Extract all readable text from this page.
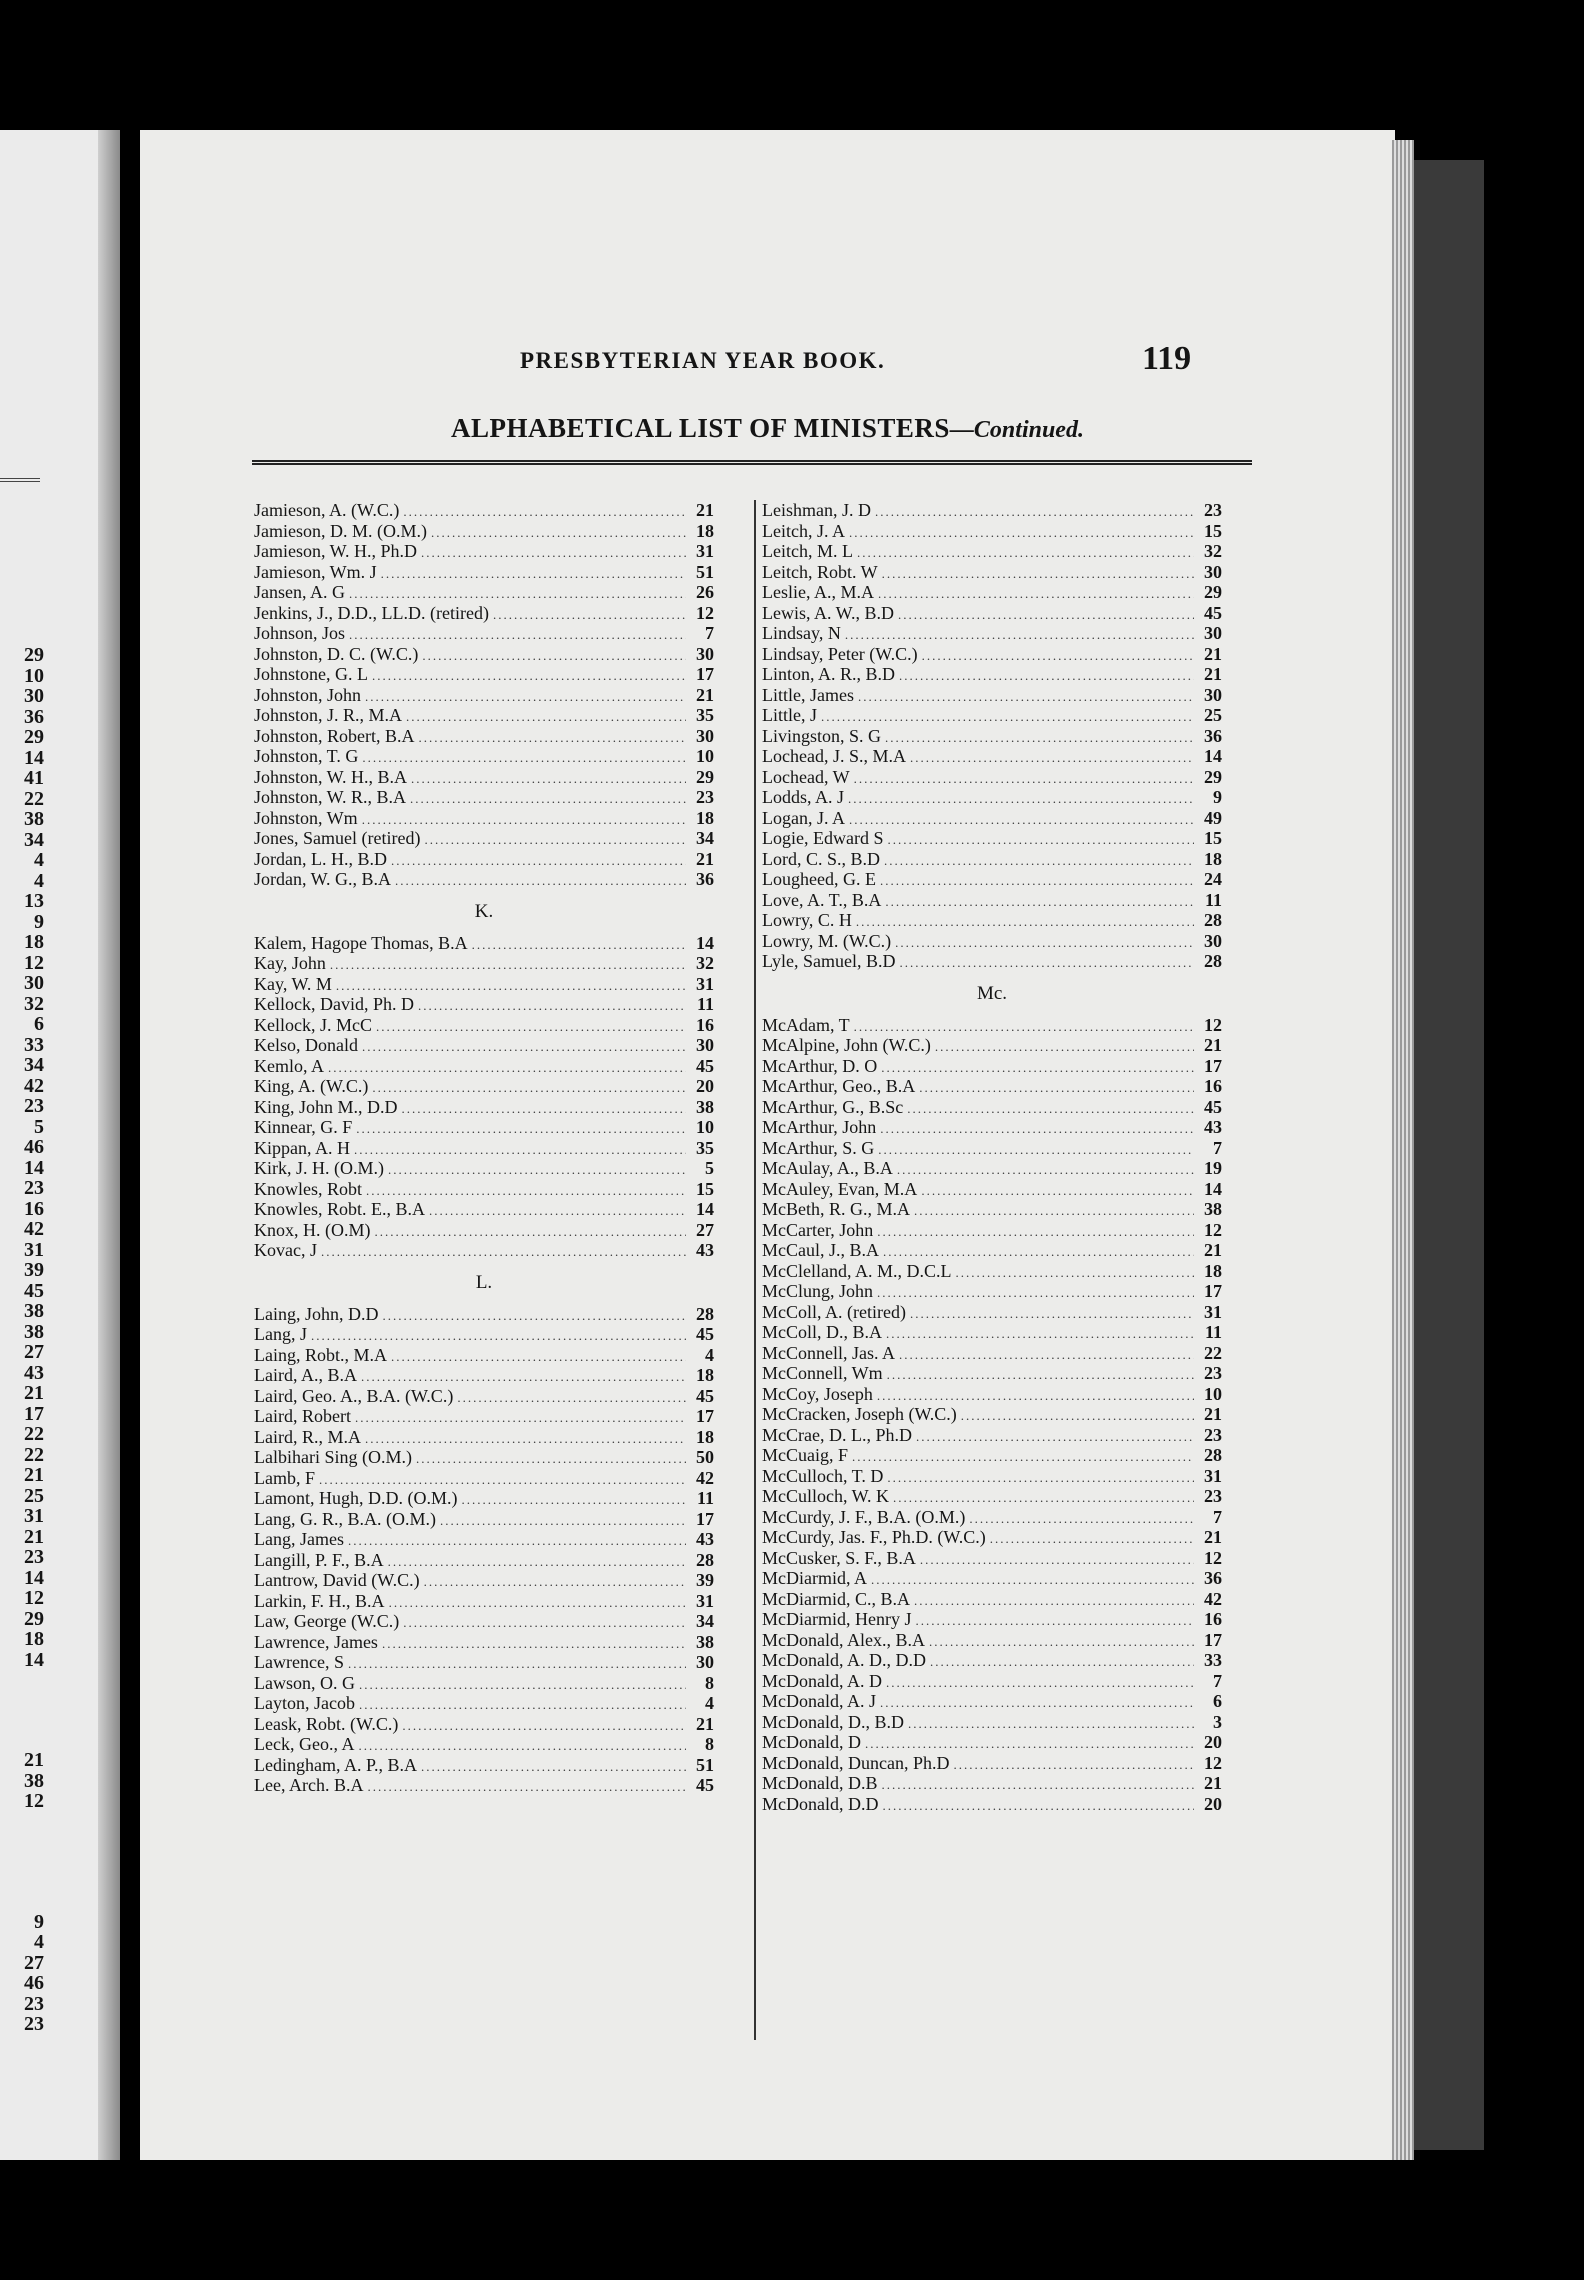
29
10
30
36
29
14
41
22
38
34
4
4
13
9
18
12
30
32
6
33
34
42
23
5
46
14
23
16
42
31
39
45
38
38
27
43
21
17
22
22
21
25
31
21
23
14
12
29
18
14
21
38
12
9
4
27
46
23
23
PRESBYTERIAN YEAR BOOK.	119
ALPHABETICAL LIST OF MINISTERS—Continued.
Jamieson, A. (W.C.) .....	21
Jamieson, D. M. (O.M.) .....	18
Jamieson, W. H., Ph.D .....	31
Jamieson, Wm. J .....	51
Jansen, A. G .....	26
Jenkins, J., D.D., LL.D. (retired) .....	12
Johnson, Jos .....	7
Johnston, D. C. (W.C.) .....	30
Johnstone, G. L .....	17
Johnston, John .....	21
Johnston, J. R., M.A .....	35
Johnston, Robert, B.A .....	30
Johnston, T. G .....	10
Johnston, W. H., B.A .....	29
Johnston, W. R., B.A .....	23
Johnston, Wm .....	18
Jones, Samuel (retired) .....	34
Jordan, L. H., B.D .....	21
Jordan, W. G., B.A .....	36
K.
Kalem, Hagope Thomas, B.A .....	14
Kay, John .....	32
Kay, W. M .....	31
Kellock, David, Ph. D .....	11
Kellock, J. McC .....	16
Kelso, Donald .....	30
Kemlo, A .....	45
King, A. (W.C.) .....	20
King, John M., D.D .....	38
Kinnear, G. F .....	10
Kippan, A. H .....	35
Kirk, J. H. (O.M.) .....	5
Knowles, Robt .....	15
Knowles, Robt. E., B.A .....	14
Knox, H. (O.M) .....	27
Kovac, J .....	43
L.
Laing, John, D.D .....	28
Lang, J .....	45
Laing, Robt., M.A .....	4
Laird, A., B.A .....	18
Laird, Geo. A., B.A. (W.C.) .....	45
Laird, Robert .....	17
Laird, R., M.A .....	18
Lalbihari Sing (O.M.) .....	50
Lamb, F .....	42
Lamont, Hugh, D.D. (O.M.) .....	11
Lang, G. R., B.A. (O.M.) .....	17
Lang, James .....	43
Langill, P. F., B.A .....	28
Lantrow, David (W.C.) .....	39
Larkin, F. H., B.A .....	31
Law, George (W.C.) .....	34
Lawrence, James .....	38
Lawrence, S .....	30
Lawson, O. G .....	8
Layton, Jacob .....	4
Leask, Robt. (W.C.) .....	21
Leck, Geo., A .....	8
Ledingham, A. P., B.A .....	51
Lee, Arch. B.A .....	45
Leishman, J. D .....	23
Leitch, J. A .....	15
Leitch, M. L .....	32
Leitch, Robt. W .....	30
Leslie, A., M.A .....	29
Lewis, A. W., B.D .....	45
Lindsay, N .....	30
Lindsay, Peter (W.C.) .....	21
Linton, A. R., B.D .....	21
Little, James .....	30
Little, J .....	25
Livingston, S. G .....	36
Lochead, J. S., M.A .....	14
Lochead, W .....	29
Lodds, A. J .....	9
Logan, J. A .....	49
Logie, Edward S .....	15
Lord, C. S., B.D .....	18
Lougheed, G. E .....	24
Love, A. T., B.A .....	11
Lowry, C. H .....	28
Lowry, M. (W.C.) .....	30
Lyle, Samuel, B.D .....	28
Mc.
McAdam, T .....	12
McAlpine, John (W.C.) .....	21
McArthur, D. O .....	17
McArthur, Geo., B.A .....	16
McArthur, G., B.Sc .....	45
McArthur, John .....	43
McArthur, S. G .....	7
McAulay, A., B.A .....	19
McAuley, Evan, M.A .....	14
McBeth, R. G., M.A .....	38
McCarter, John .....	12
McCaul, J., B.A .....	21
McClelland, A. M., D.C.L .....	18
McClung, John .....	17
McColl, A. (retired) .....	31
McColl, D., B.A .....	11
McConnell, Jas. A .....	22
McConnell, Wm .....	23
McCoy, Joseph .....	10
McCracken, Joseph (W.C.) .....	21
McCrae, D. L., Ph.D .....	23
McCuaig, F .....	28
McCulloch, T. D .....	31
McCulloch, W. K .....	23
McCurdy, J. F., B.A. (O.M.) .....	7
McCurdy, Jas. F., Ph.D. (W.C.) .....	21
McCusker, S. F., B.A .....	12
McDiarmid, A .....	36
McDiarmid, C., B.A .....	42
McDiarmid, Henry J .....	16
McDonald, Alex., B.A .....	17
McDonald, A. D., D.D .....	33
McDonald, A. D .....	7
McDonald, A. J .....	6
McDonald, D., B.D .....	3
McDonald, D .....	20
McDonald, Duncan, Ph.D .....	12
McDonald, D.B .....	21
McDonald, D.D .....	20
